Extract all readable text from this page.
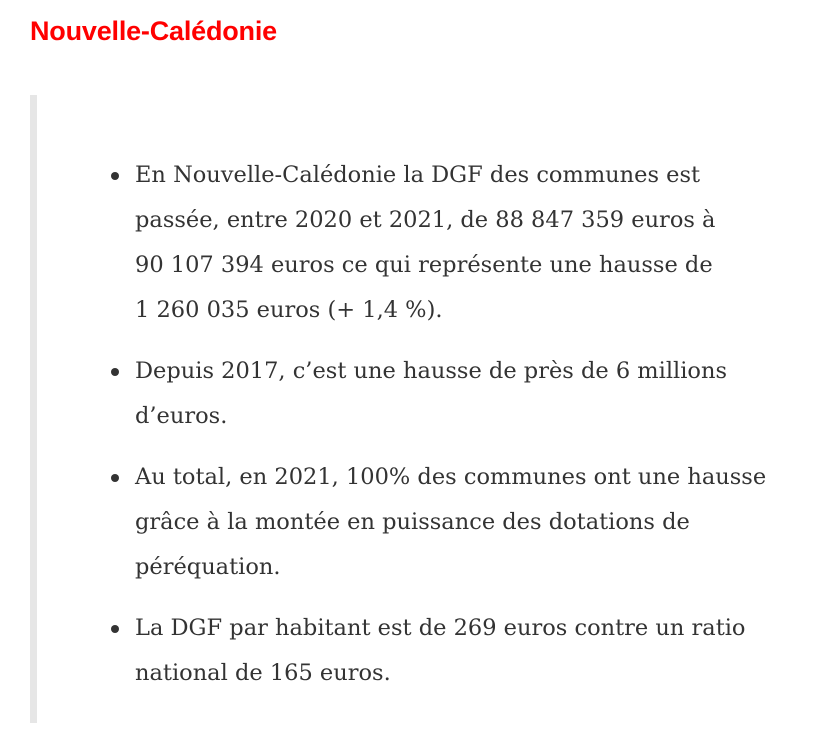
Nouvelle-Calédonie
En Nouvelle-Calédonie la DGF des communes est
passée, entre 2020 et 2021, de 88 847 359 euros à
90 107 394 euros ce qui représente une hausse de
1 260 035 euros (+ 1,4 %).
Depuis 2017, c’est une hausse de près de 6 millions
d’euros.
Au total, en 2021, 100% des communes ont une hausse
grâce à la montée en puissance des dotations de
péréquation.
La DGF par habitant est de 269 euros contre un ratio
national de 165 euros.
